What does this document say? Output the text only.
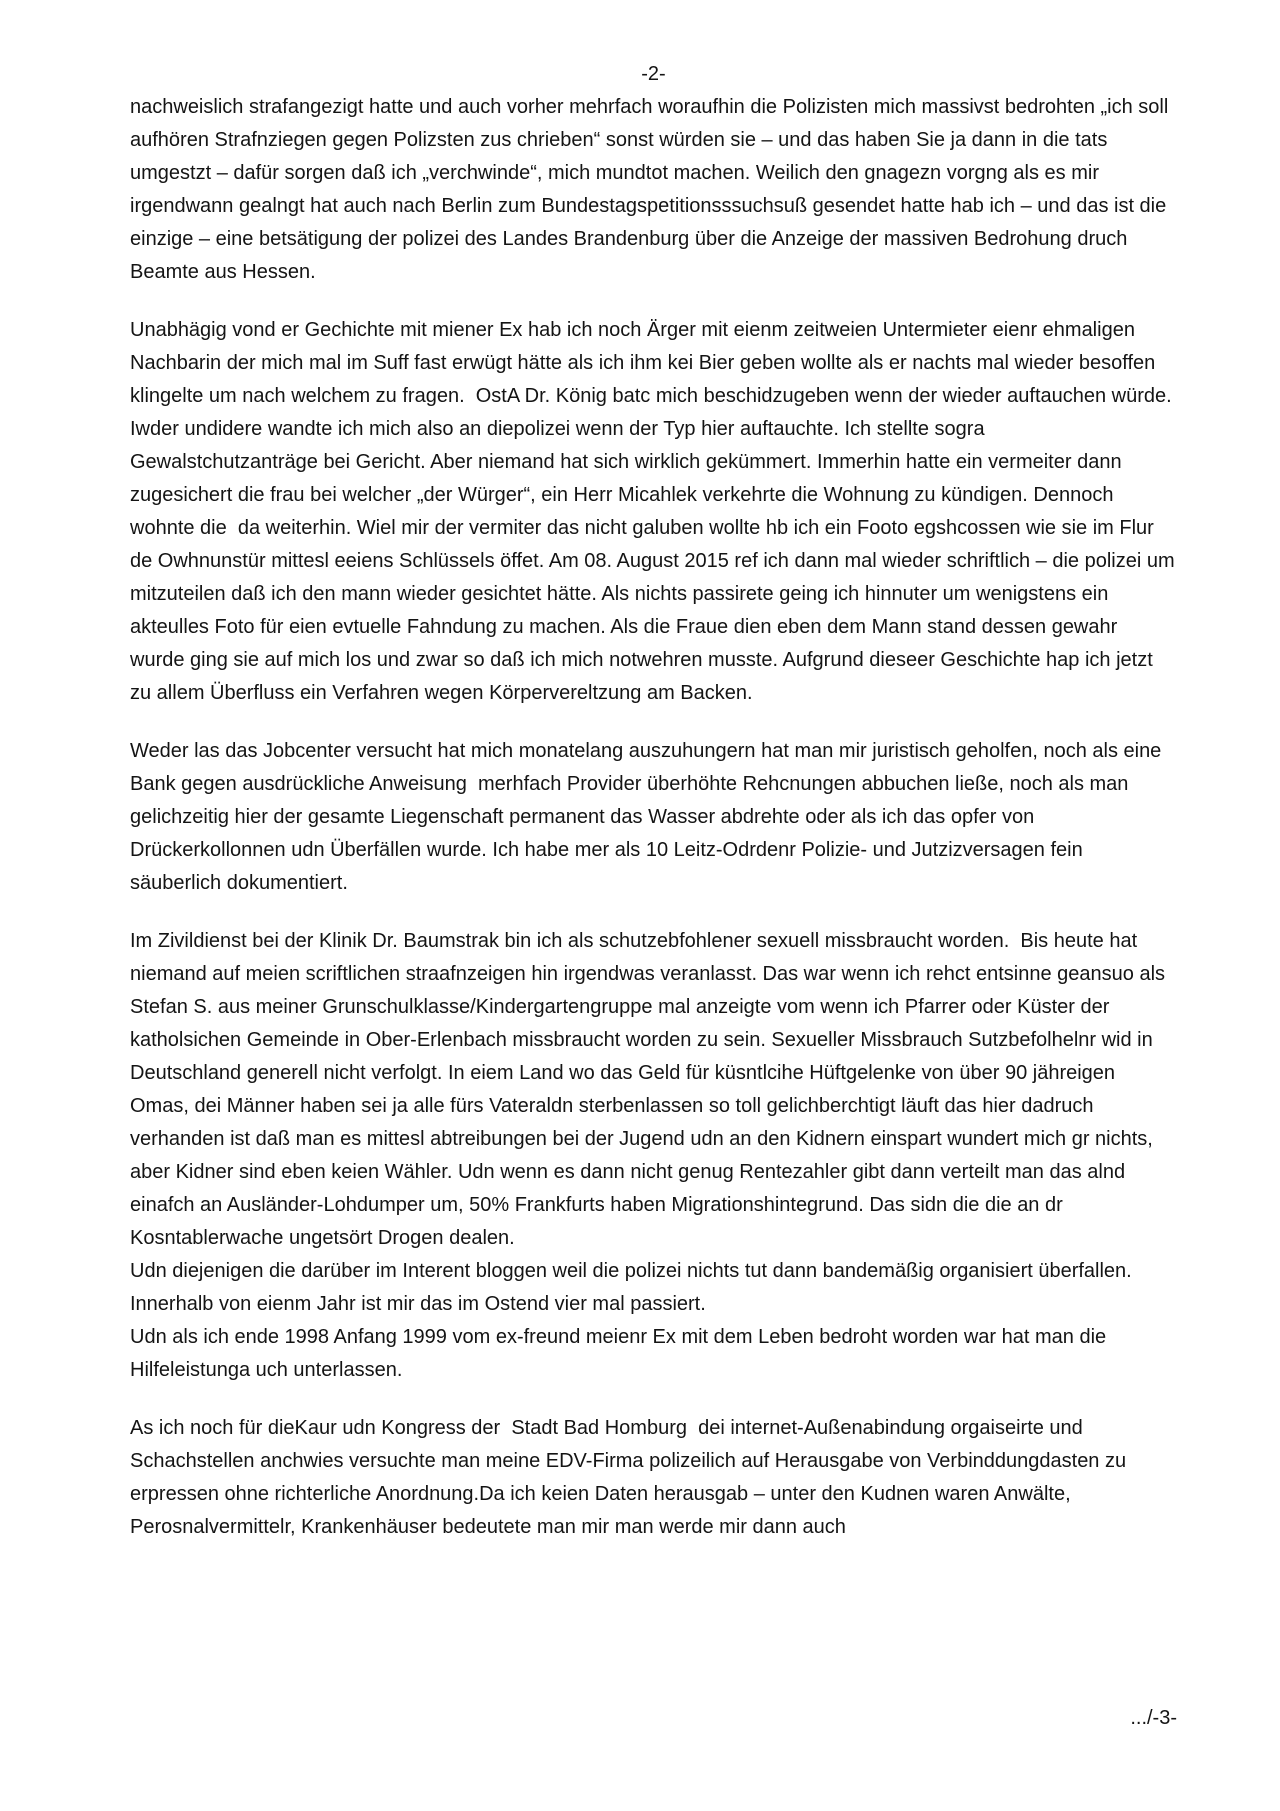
-2-

nachweislich strafangezigt hatte und auch vorher mehrfach woraufhin die Polizisten mich massivst bedrohten „ich soll aufhören Strafnziegen gegen Polizsten zus chrieben“ sonst würden sie – und das haben Sie ja dann in die tats umgestzt – dafür sorgen daß ich „verchwinde“, mich mundtot machen. Weilich den gnagezn vorgng als es mir irgendwann gealngt hat auch nach Berlin zum Bundestagspetitionsssuchsuß gesendet hatte hab ich – und das ist die einzige – eine betsätigung der polizei des Landes Brandenburg über die Anzeige der massiven Bedrohung druch Beamte aus Hessen.

Unabhägig vond er Gechichte mit miener Ex hab ich noch Ärger mit eienm zeitweien Untermieter eienr ehmaligen Nachbarin der mich mal im Suff fast erwügt hätte als ich ihm kei Bier geben wollte als er nachts mal wieder besoffen klingelte um nach welchem zu fragen.  OstA Dr. König batc mich beschidzugeben wenn der wieder auftauchen würde. Iwder undidere wandte ich mich also an diepolizei wenn der Typ hier auftauchte. Ich stellte sogra Gewalstchutzanträge bei Gericht. Aber niemand hat sich wirklich gekümmert. Immerhin hatte ein vermeiter dann zugesichert die frau bei welcher „der Würger“, ein Herr Micahlek verkehrte die Wohnung zu kündigen. Dennoch wohnte die  da weiterhin. Wiel mir der vermiter das nicht galuben wollte hb ich ein Footo egshcossen wie sie im Flur de Owhnunstür mittesl eeiens Schlüssels öffet. Am 08. August 2015 ref ich dann mal wieder schriftlich – die polizei um mitzuteilen daß ich den mann wieder gesichtet hätte. Als nichts passirete geing ich hinnuter um wenigstens ein akteulles Foto für eien evtuelle Fahndung zu machen. Als die Fraue dien eben dem Mann stand dessen gewahr wurde ging sie auf mich los und zwar so daß ich mich notwehren musste. Aufgrund dieseer Geschichte hap ich jetzt zu allem Überfluss ein Verfahren wegen Körpervereltzung am Backen.

Weder las das Jobcenter versucht hat mich monatelang auszuhungern hat man mir juristisch geholfen, noch als eine Bank gegen ausdrückliche Anweisung  merhfach Provider überhöhte Rehcnungen abbuchen ließe, noch als man gelichzeitig hier der gesamte Liegenschaft permanent das Wasser abdrehte oder als ich das opfer von Drückerkollonnen udn Überfällen wurde. Ich habe mer als 10 Leitz-Odrdenr Polizie- und Jutzizversagen fein säuberlich dokumentiert.

Im Zivildienst bei der Klinik Dr. Baumstrak bin ich als schutzebfohlener sexuell missbraucht worden.  Bis heute hat niemand auf meien scriftlichen straafnzeigen hin irgendwas veranlasst. Das war wenn ich rehct entsinne geansuo als Stefan S. aus meiner Grunschulklasse/Kindergartengruppe mal anzeigte vom wenn ich Pfarrer oder Küster der katholsichen Gemeinde in Ober-Erlenbach missbraucht worden zu sein. Sexueller Missbrauch Sutzbefolhelnr wid in Deutschland generell nicht verfolgt. In eiem Land wo das Geld für küsntlcihe Hüftgelenke von über 90 jähreigen Omas, dei Männer haben sei ja alle fürs Vateraldn sterbenlassen so toll gelichberchtigt läuft das hier dadruch verhanden ist daß man es mittesl abtreibungen bei der Jugend udn an den Kidnern einspart wundert mich gr nichts, aber Kidner sind eben keien Wähler. Udn wenn es dann nicht genug Rentezahler gibt dann verteilt man das alnd einafch an Ausländer-Lohdumper um, 50% Frankfurts haben Migrationshintegrund. Das sidn die die an dr Kosntablerwache ungetsört Drogen dealen.

Udn diejenigen die darüber im Interent bloggen weil die polizei nichts tut dann bandemäßig organisiert überfallen. Innerhalb von eienm Jahr ist mir das im Ostend vier mal passiert.

Udn als ich ende 1998 Anfang 1999 vom ex-freund meienr Ex mit dem Leben bedroht worden war hat man die Hilfeleistunga uch unterlassen.

As ich noch für dieKaur udn Kongress der  Stadt Bad Homburg  dei internet-Außenabindung orgaiseirte und Schachstellen anchwies versuchte man meine EDV-Firma polizeilich auf Herausgabe von Verbinddungdasten zu erpressen ohne richterliche Anordnung.Da ich keien Daten herausgab – unter den Kudnen waren Anwälte, Perosnalvermittelr, Krankenhäuser bedeutete man mir man werde mir dann auch

.../-3-
